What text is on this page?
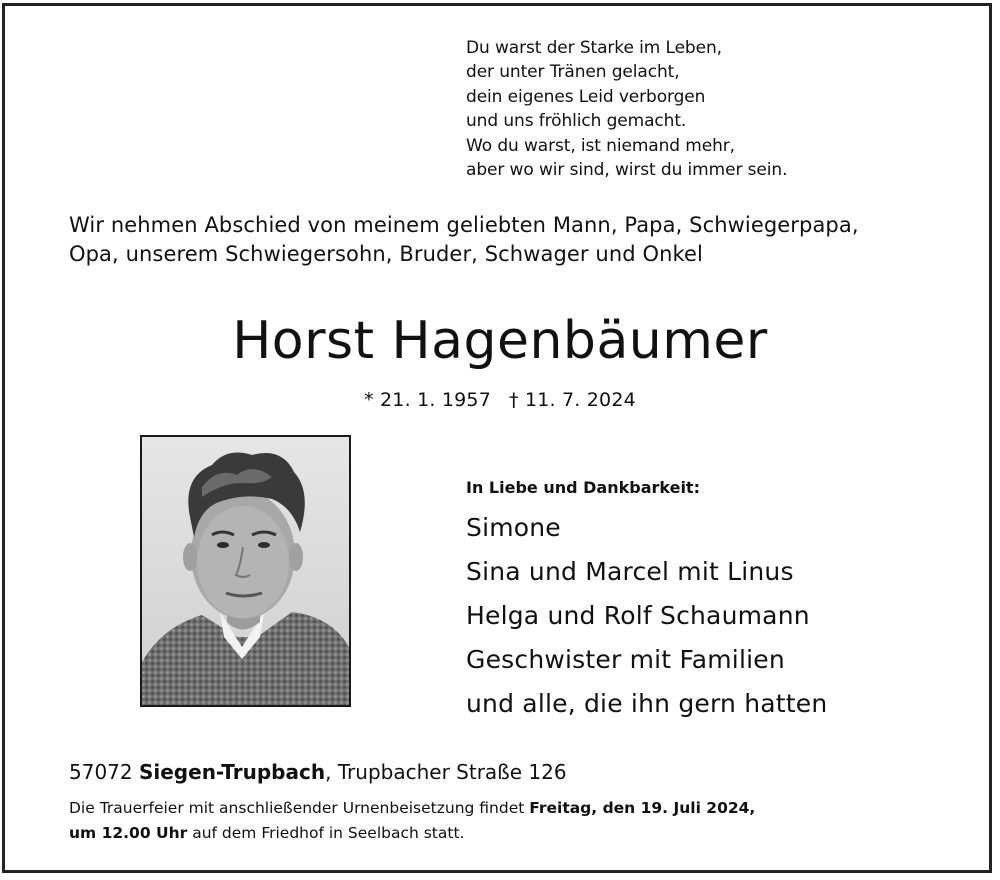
Du warst der Starke im Leben,
der unter Tränen gelacht,
dein eigenes Leid verborgen
und uns fröhlich gemacht.
Wo du warst, ist niemand mehr,
aber wo wir sind, wirst du immer sein.
Wir nehmen Abschied von meinem geliebten Mann, Papa, Schwiegerpapa,
Opa, unserem Schwiegersohn, Bruder, Schwager und Onkel
Horst Hagenbäumer
* 21. 1. 1957 † 11. 7. 2024
In Liebe und Dankbarkeit:
Simone
Sina und Marcel mit Linus
Helga und Rolf Schaumann
Geschwister mit Familien
und alle, die ihn gern hatten
57072 Siegen-Trupbach, Trupbacher Straße 126
Die Trauerfeier mit anschließender Urnenbeisetzung findet Freitag, den 19. Juli 2024,
um 12.00 Uhr auf dem Friedhof in Seelbach statt.
